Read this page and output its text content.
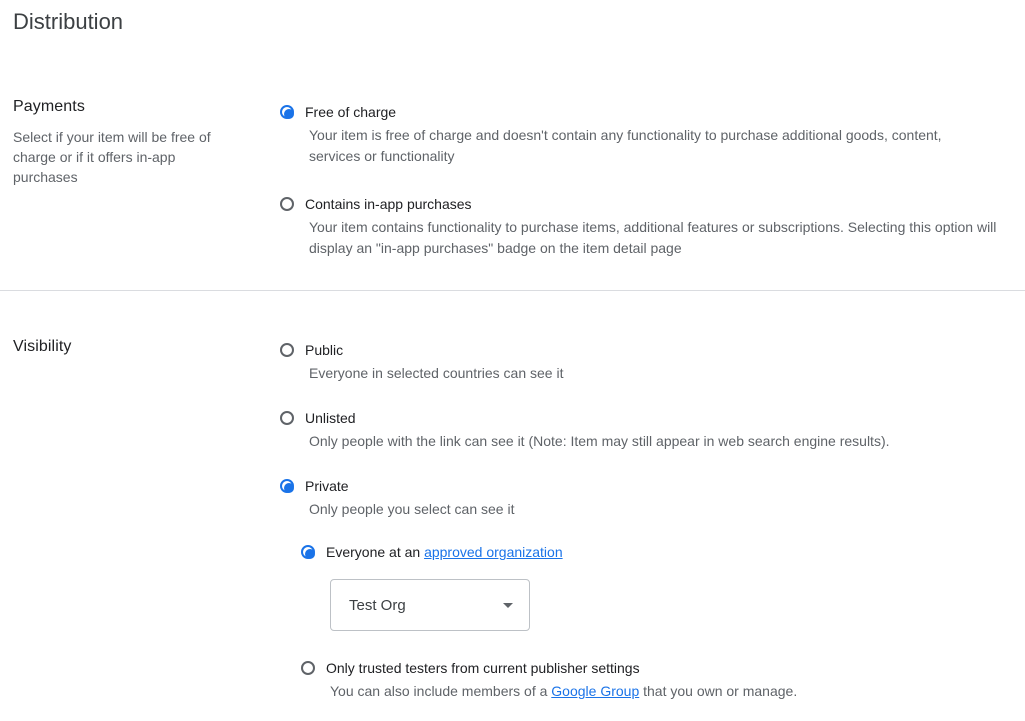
Distribution
Payments

Select if your item will be free of charge or if it offers in-app purchases

Free of charge

Your item is free of charge and doesn't contain any functionality to purchase additional goods, content, services or functionality

Contains in-app purchases

Your item contains functionality to purchase items, additional features or subscriptions. Selecting this option will display an "in-app purchases" badge on the item detail page

Visibility	Public

Everyone in selected countries can see it

Unlisted

Only people with the link can see it (Note: Item may still appear in web search engine results).

Private

Only people you select can see it

Everyone at an approved organization
Test Org
Only trusted testers from current publisher settings

You can also include members of a Google Group that you own or manage.
